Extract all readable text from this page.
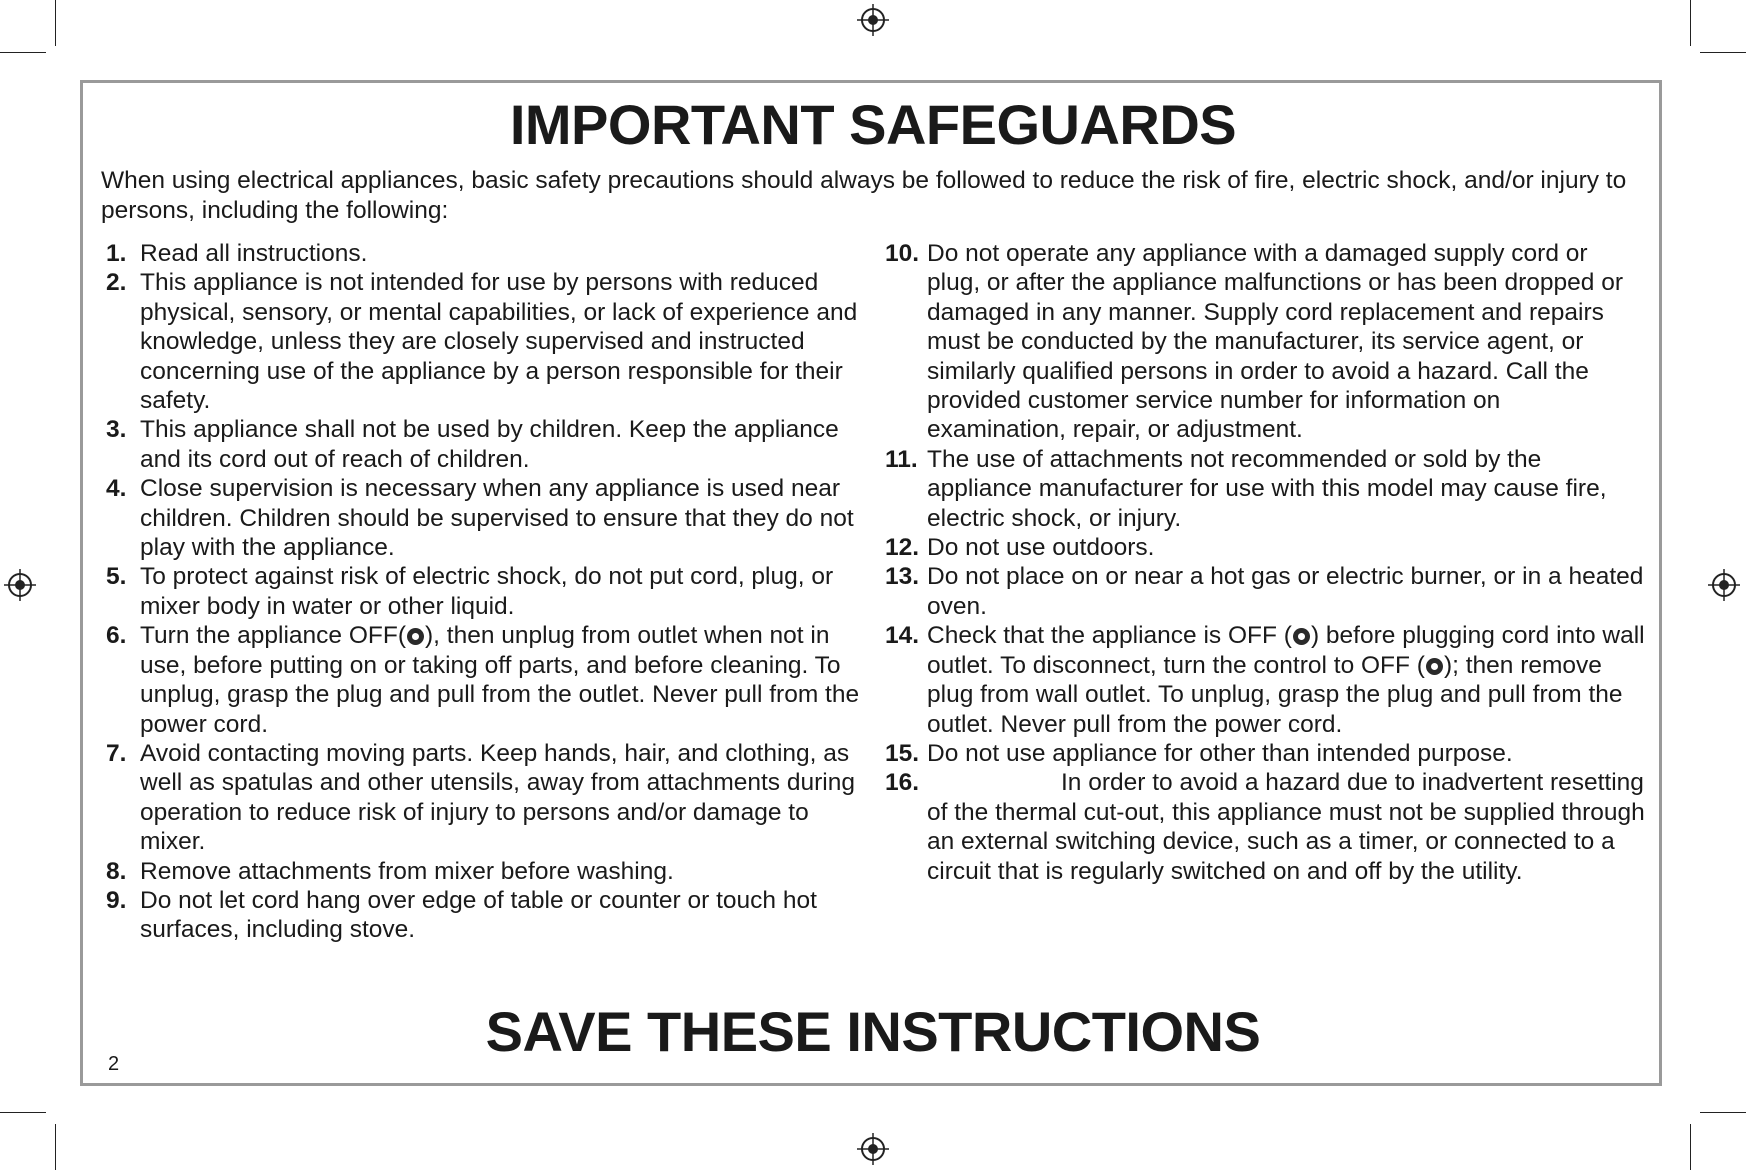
IMPORTANT SAFEGUARDS

When using electrical appliances, basic safety precautions should always be followed to reduce the risk of fire, electric shock, and/or injury to persons, including the following:

1. Read all instructions.
2. This appliance is not intended for use by persons with reduced physical, sensory, or mental capabilities, or lack of experience and knowledge, unless they are closely supervised and instructed concerning use of the appliance by a person responsible for their safety.
3. This appliance shall not be used by children. Keep the appliance and its cord out of reach of children.
4. Close supervision is necessary when any appliance is used near children. Children should be supervised to ensure that they do not play with the appliance.
5. To protect against risk of electric shock, do not put cord, plug, or mixer body in water or other liquid.
6. Turn the appliance OFF( ), then unplug from outlet when not in use, before putting on or taking off parts, and before cleaning. To unplug, grasp the plug and pull from the outlet. Never pull from the power cord.
7. Avoid contacting moving parts. Keep hands, hair, and clothing, as well as spatulas and other utensils, away from attachments during operation to reduce risk of injury to persons and/or damage to mixer.
8. Remove attachments from mixer before washing.
9. Do not let cord hang over edge of table or counter or touch hot surfaces, including stove.
10. Do not operate any appliance with a damaged supply cord or plug, or after the appliance malfunctions or has been dropped or damaged in any manner. Supply cord replacement and repairs must be conducted by the manufacturer, its service agent, or similarly qualified persons in order to avoid a hazard. Call the provided customer service number for information on examination, repair, or adjustment.
11. The use of attachments not recommended or sold by the appliance manufacturer for use with this model may cause fire, electric shock, or injury.
12. Do not use outdoors.
13. Do not place on or near a hot gas or electric burner, or in a heated oven.
14. Check that the appliance is OFF ( ) before plugging cord into wall outlet. To disconnect, turn the control to OFF ( ); then remove plug from wall outlet. To unplug, grasp the plug and pull from the outlet. Never pull from the power cord.
15. Do not use appliance for other than intended purpose.
16.	In order to avoid a hazard due to inadvertent resetting of the thermal cut-out, this appliance must not be supplied through an external switching device, such as a timer, or connected to a circuit that is regularly switched on and off by the utility.
SAVE THESE INSTRUCTIONS
2
